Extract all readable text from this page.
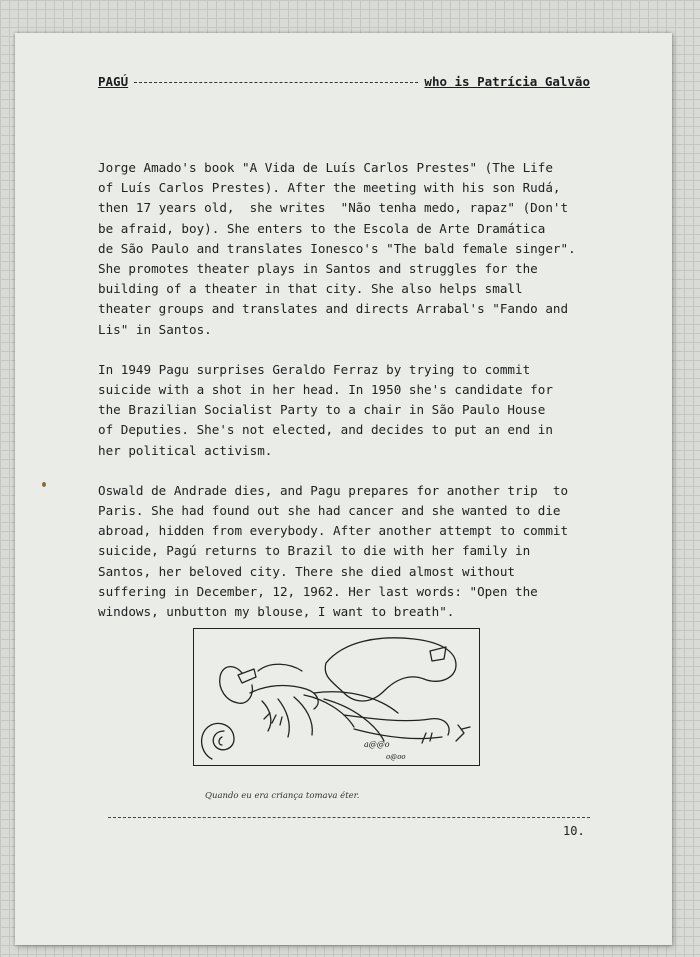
PAGÚ	who is Patrícia Galvão
Jorge Amado's book "A Vida de Luís Carlos Prestes" (The Life
of Luís Carlos Prestes). After the meeting with his son Rudá,
then 17 years old,  she writes  "Não tenha medo, rapaz" (Don't
be afraid, boy). She enters to the Escola de Arte Dramática
de São Paulo and translates Ionesco's "The bald female singer".
She promotes theater plays in Santos and struggles for the
building of a theater in that city. She also helps small
theater groups and translates and directs Arrabal's "Fando and
Lis" in Santos.
In 1949 Pagu surprises Geraldo Ferraz by trying to commit
suicide with a shot in her head. In 1950 she's candidate for
the Brazilian Socialist Party to a chair in São Paulo House
of Deputies. She's not elected, and decides to put an end in
her political activism.
Oswald de Andrade dies, and Pagu prepares for another trip  to
Paris. She had found out she had cancer and she wanted to die
abroad, hidden from everybody. After another attempt to commit
suicide, Pagú returns to Brazil to die with her family in
Santos, her beloved city. There she died almost without
suffering in December, 12, 1962. Her last words: "Open the
windows, unbutton my blouse, I want to breath".
a@@o
o@oo
Quando eu era criança tomava éter.
10.
